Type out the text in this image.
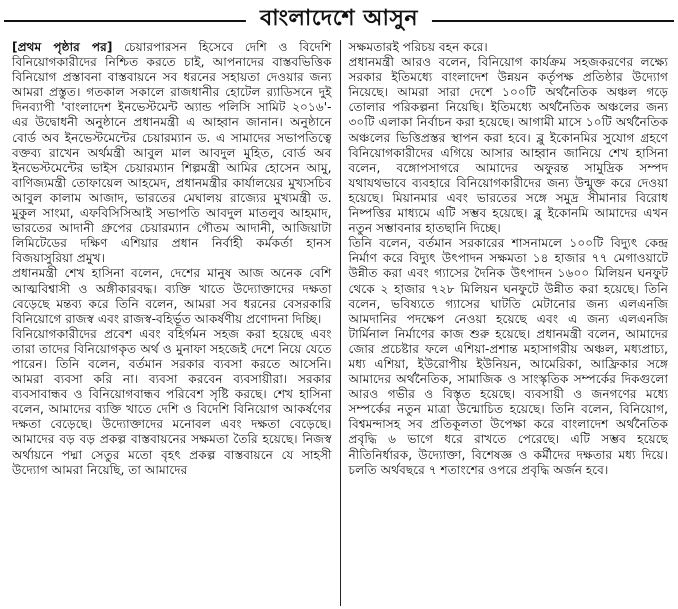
বাংলাদেশে আসুন

[প্রথম পৃষ্ঠার পর] চেয়ারপারসন হিসেবে দেশি ও বিদেশি বিনিয়োগকারীদের নিশ্চিত করতে চাই, আপনাদের বাস্তবভিত্তিক বিনিয়োগ প্রস্তাবনা বাস্তবায়নে সব ধরনের সহায়তা দেওয়ার জন্য আমরা প্রস্তুত। গতকাল সকালে রাজধানীর হোটেল র‌্যাডিসনে দুই দিনব্যাপী 'বাংলাদেশ ইনভেস্টমেন্ট অ্যান্ড পলিসি সামিট ২০১৬'-এর উদ্বোধনী অনুষ্ঠানে প্রধানমন্ত্রী এ আহ্বান জানান। অনুষ্ঠানে বোর্ড অব ইনভেস্টমেন্টের চেয়ারম্যান ড. এ সামাদের সভাপতিত্বে বক্তব্য রাখেন অর্থমন্ত্রী আবুল মাল আবদুল মুহিত, বোর্ড অব ইনভেস্টমেন্টের ভাইস চেয়ারম্যান শিল্পমন্ত্রী আমির হোসেন আমু, বাণিজ্যমন্ত্রী তোফায়েল আহমেদ, প্রধানমন্ত্রীর কার্যালয়ের মুখ্যসচিব আবুল কালাম আজাদ, ভারতের মেঘালয় রাজ্যের মুখ্যমন্ত্রী ড. মুকুল সাংমা, এফবিসিসিআই সভাপতি আবদুল মাতলুব আহমাদ, ভারতের আদানী গ্রুপের চেয়ারম্যান গৌতম আদানী, আজিয়াটা লিমিটেডের দক্ষিণ এশিয়ার প্রধান নির্বাহী কর্মকর্তা হানস বিজয়াসুরিয়া প্রমুখ।

প্রধানমন্ত্রী শেখ হাসিনা বলেন, দেশের মানুষ আজ অনেক বেশি আত্মবিশ্বাসী ও অঙ্গীকারবদ্ধ। ব্যক্তি খাতে উদ্যোক্তাদের দক্ষতা বেড়েছে মন্তব্য করে তিনি বলেন, আমরা সব ধরনের বেসরকারি বিনিয়োগে রাজস্ব এবং রাজস্ব-বহির্ভূত আকর্ষণীয় প্রণোদনা দিচ্ছি।

বিনিয়োগকারীদের প্রবেশ এবং বহির্গমন সহজ করা হয়েছে এবং তারা তাদের বিনিয়োগকৃত অর্থ ও মুনাফা সহজেই দেশে নিয়ে যেতে পারেন। তিনি বলেন, বর্তমান সরকার ব্যবসা করতে আসেনি। আমরা ব্যবসা করি না। ব্যবসা করবেন ব্যবসায়ীরা। সরকার ব্যবসাবান্ধব ও বিনিয়োগবান্ধব পরিবেশ সৃষ্টি করছে। শেখ হাসিনা বলেন, আমাদের ব্যক্তি খাতে দেশি ও বিদেশি বিনিয়োগ আকর্ষণের দক্ষতা বেড়েছে। উদ্যোক্তাদের মনোবল এবং দক্ষতা বেড়েছে। আমাদের বড় বড় প্রকল্প বাস্তবায়নের সক্ষমতা তৈরি হয়েছে। নিজস্ব অর্থায়নে পদ্মা সেতুর মতো বৃহৎ প্রকল্প বাস্তবায়নে যে সাহসী উদ্যোগ আমরা নিয়েছি, তা আমাদের

সক্ষমতারই পরিচয় বহন করে।

প্রধানমন্ত্রী আরও বলেন, বিনিয়োগ কার্যক্রম সহজকরণের লক্ষ্যে সরকার ইতিমধ্যে বাংলাদেশ উন্নয়ন কর্তৃপক্ষ প্রতিষ্ঠার উদ্যোগ নিয়েছে। আমরা সারা দেশে ১০০টি অর্থনৈতিক অঞ্চল গড়ে তোলার পরিকল্পনা নিয়েছি। ইতিমধ্যে অর্থনৈতিক অঞ্চলের জন্য ৩০টি এলাকা নির্বাচন করা হয়েছে। আগামী মাসে ১০টি অর্থনৈতিক অঞ্চলের ভিত্তিপ্রস্তর স্থাপন করা হবে। ব্লু ইকোনমির সুযোগ গ্রহণে বিনিয়োগকারীদের এগিয়ে আসার আহ্বান জানিয়ে শেখ হাসিনা বলেন, বঙ্গোপসাগরে আমাদের অফুরন্ত সামুদ্রিক সম্পদ যথাযথভাবে ব্যবহারে বিনিয়োগকারীদের জন্য উন্মুক্ত করে দেওয়া হয়েছে। মিয়ানমার এবং ভারতের সঙ্গে সমুদ্র সীমানার বিরোধ নিষ্পত্তির মাধ্যমে এটি সম্ভব হয়েছে। ব্লু ইকোনমি আমাদের এখন নতুন সম্ভাবনার হাতছানি দিচ্ছে।

তিনি বলেন, বর্তমান সরকারের শাসনামলে ১০০টি বিদ্যুৎ কেন্দ্র নির্মাণ করে বিদ্যুৎ উৎপাদন সক্ষমতা ১৪ হাজার ৭৭ মেগাওয়াটে উন্নীত করা এবং গ্যাসের দৈনিক উৎপাদন ১৬০০ মিলিয়ন ঘনফুট থেকে ২ হাজার ৭২৮ মিলিয়ন ঘনফুটে উন্নীত করা হয়েছে। তিনি বলেন, ভবিষ্যতে গ্যাসের ঘাটতি মেটানোর জন্য এলএনজি আমদানির পদক্ষেপ নেওয়া হয়েছে এবং এ জন্য এলএনজি টার্মিনাল নির্মাণের কাজ শুরু হয়েছে। প্রধানমন্ত্রী বলেন, আমাদের জোর প্রচেষ্টার ফলে এশিয়া-প্রশান্ত মহাসাগরীয় অঞ্চল, মধ্যপ্রাচ্য, মধ্য এশিয়া, ইউরোপীয় ইউনিয়ন, আমেরিকা, আফ্রিকার সঙ্গে আমাদের অর্থনৈতিক, সামাজিক ও সাংস্কৃতিক সম্পর্কের দিকগুলো আরও গভীর ও বিস্তৃত হয়েছে। ব্যবসায়ী ও জনগণের মধ্যে সম্পর্কের নতুন মাত্রা উন্মোচিত হয়েছে। তিনি বলেন, বিনিয়োগ, বিশ্বমন্দাসহ সব প্রতিকূলতা উপেক্ষা করে বাংলাদেশ অর্থনৈতিক প্রবৃদ্ধি ৬ ভাগে ধরে রাখতে পেরেছে। এটি সম্ভব হয়েছে নীতিনির্ধারক, উদ্যোক্তা, বিশেষজ্ঞ ও কর্মীদের দক্ষতার মধ্য দিয়ে। চলতি অর্থবছরে ৭ শতাংশের ওপরে প্রবৃদ্ধি অর্জন হবে।
